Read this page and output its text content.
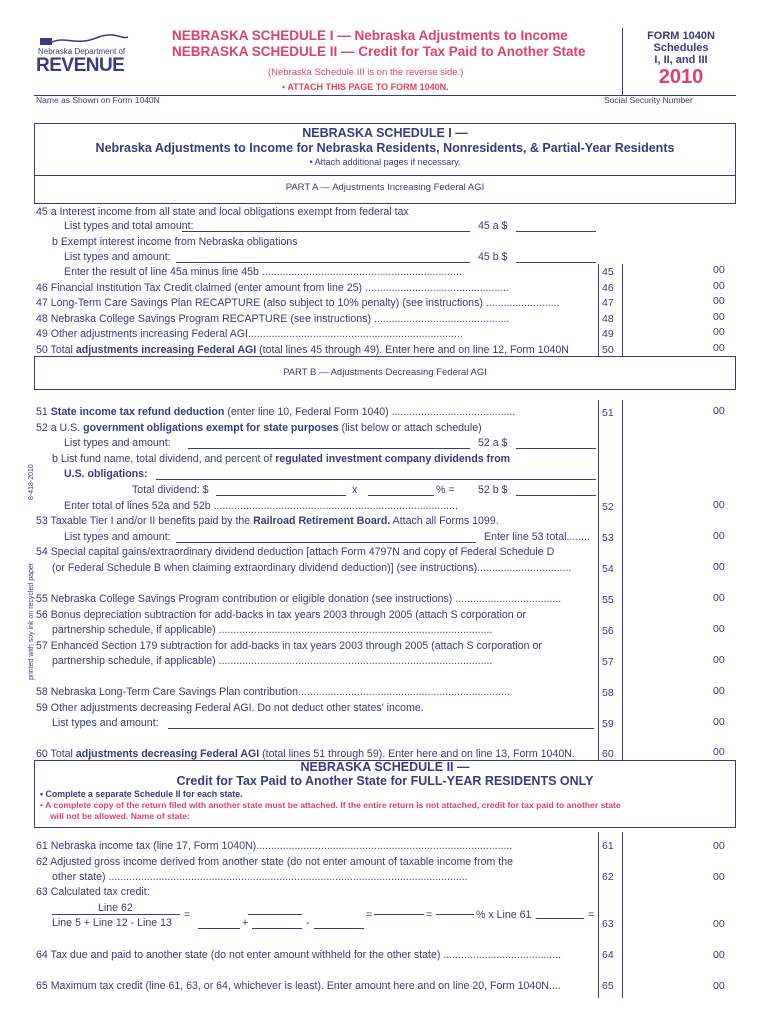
Nebraska Department of
REVENUE
NEBRASKA SCHEDULE I — Nebraska Adjustments to Income
NEBRASKA SCHEDULE II — Credit for Tax Paid to Another State
(Nebraska Schedule III is on the reverse side.)
• ATTACH THIS PAGE TO FORM 1040N.
FORM 1040N
Schedules
I, II, and III
2010
Name as Shown on Form 1040N	Social Security Number
8-418-2010
printed with soy ink on recycled paper
NEBRASKA SCHEDULE I —
Nebraska Adjustments to Income for Nebraska Residents, Nonresidents, & Partial-Year Residents
• Attach additional pages if necessary.
PART A — Adjustments Increasing Federal AGI
PART B — Adjustments Decreasing Federal AGI
45 a Interest income from all state and local obligations exempt from federal tax
List types and total amount:	45 a $
b Exempt interest income from Nebraska obligations
List types and amount:	45 b $
Enter the result of line 45a minus line 45b ....................................................................	45	00
46 Financial Institution Tax Credit claimed (enter amount from line 25) .................................................	46	00
47 Long-Term Care Savings Plan RECAPTURE (also subject to 10% penalty) (see instructions) .........................	47	00
48 Nebraska College Savings Program RECAPTURE (see instructions) ..............................................	48	00
49 Other adjustments increasing Federal AGI.........................................................................	49	00
50 Total adjustments increasing Federal AGI (total lines 45 through 49). Enter here and on line 12, Form 1040N	50	00
51 State income tax refund deduction (enter line 10, Federal Form 1040) ..........................................	51	00
52 a U.S. government obligations exempt for state purposes (list below or attach schedule)
List types and amount:	52 a $
b List fund name, total dividend, and percent of regulated investment company dividends from
U.S. obligations:
Total dividend: $	x	% = 52 b $
Enter total of lines 52a and 52b ...................................................................................	52	00
53 Taxable Tier I and/or II benefits paid by the Railroad Retirement Board. Attach all Forms 1099.
List types and amount:	Enter line 53 total........ 53	00
54 Special capital gains/extraordinary dividend deduction [attach Form 4797N and copy of Federal Schedule D
(or Federal Schedule B when claiming extraordinary dividend deduction)] (see instructions)................................	54	00
55 Nebraska College Savings Program contribution or eligible donation (see instructions) ....................................	55	00
56 Bonus depreciation subtraction for add-backs in tax years 2003 through 2005 (attach S corporation or
partnership schedule, if applicable) .............................................................................................	56	00
57 Enhanced Section 179 subtraction for add-backs in tax years 2003 through 2005 (attach S corporation or
partnership schedule, if applicable) .............................................................................................	57	00
58 Nebraska Long-Term Care Savings Plan contribution........................................................................	58	00
59 Other adjustments decreasing Federal AGI. Do not deduct other states' income.
List types and amount:	59	00
60 Total adjustments decreasing Federal AGI (total lines 51 through 59). Enter here and on line 13, Form 1040N.	60	00
NEBRASKA SCHEDULE II —
Credit for Tax Paid to Another State for FULL-YEAR RESIDENTS ONLY
• Complete a separate Schedule II for each state.
• A complete copy of the return filed with another state must be attached. If the entire return is not attached, credit for tax paid to another state
will not be allowed. Name of state:
61 Nebraska income tax (line 17, Form 1040N).......................................................................................	61	00
62 Adjusted gross income derived from another state (do not enter amount of taxable income from the
other state) ..........................................................................................................................	62	00
63 Calculated tax credit:
Line 62
Line 5 + Line 12 - Line 13
=
+	-
=	=	% x Line 61	=
63	00
64 Tax due and paid to another state (do not enter amount withheld for the other state) ........................................	64	00
65 Maximum tax credit (line 61, 63, or 64, whichever is least). Enter amount here and on line 20, Form 1040N....	65	00
